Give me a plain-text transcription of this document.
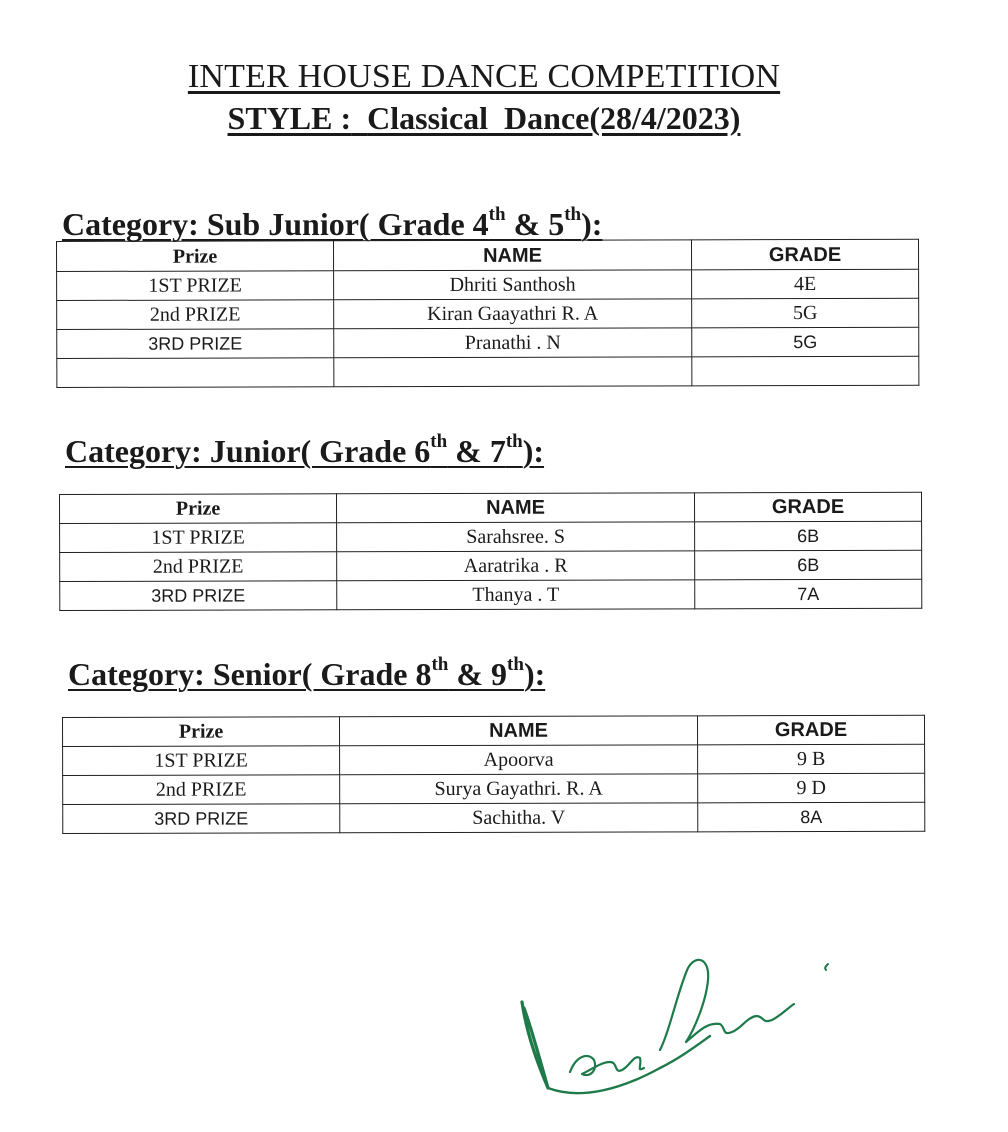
INTER HOUSE DANCE COMPETITION
STYLE : Classical  Dance(28/4/2023)
Category: Sub Junior( Grade 4th & 5th):
Prize	NAME	GRADE
1ST PRIZE	Dhriti Santhosh	4E
2nd PRIZE	Kiran Gaayathri R. A	5G
3RD PRIZE	Pranathi . N	5G

Category: Junior( Grade 6th & 7th):
Prize	NAME	GRADE
1ST PRIZE	Sarahsree. S	6B
2nd PRIZE	Aaratrika . R	6B
3RD PRIZE	Thanya . T	7A
Category: Senior( Grade 8th & 9th):
Prize	NAME	GRADE
1ST PRIZE	Apoorva	9 B
2nd PRIZE	Surya Gayathri. R. A	9 D
3RD PRIZE	Sachitha. V	8A
